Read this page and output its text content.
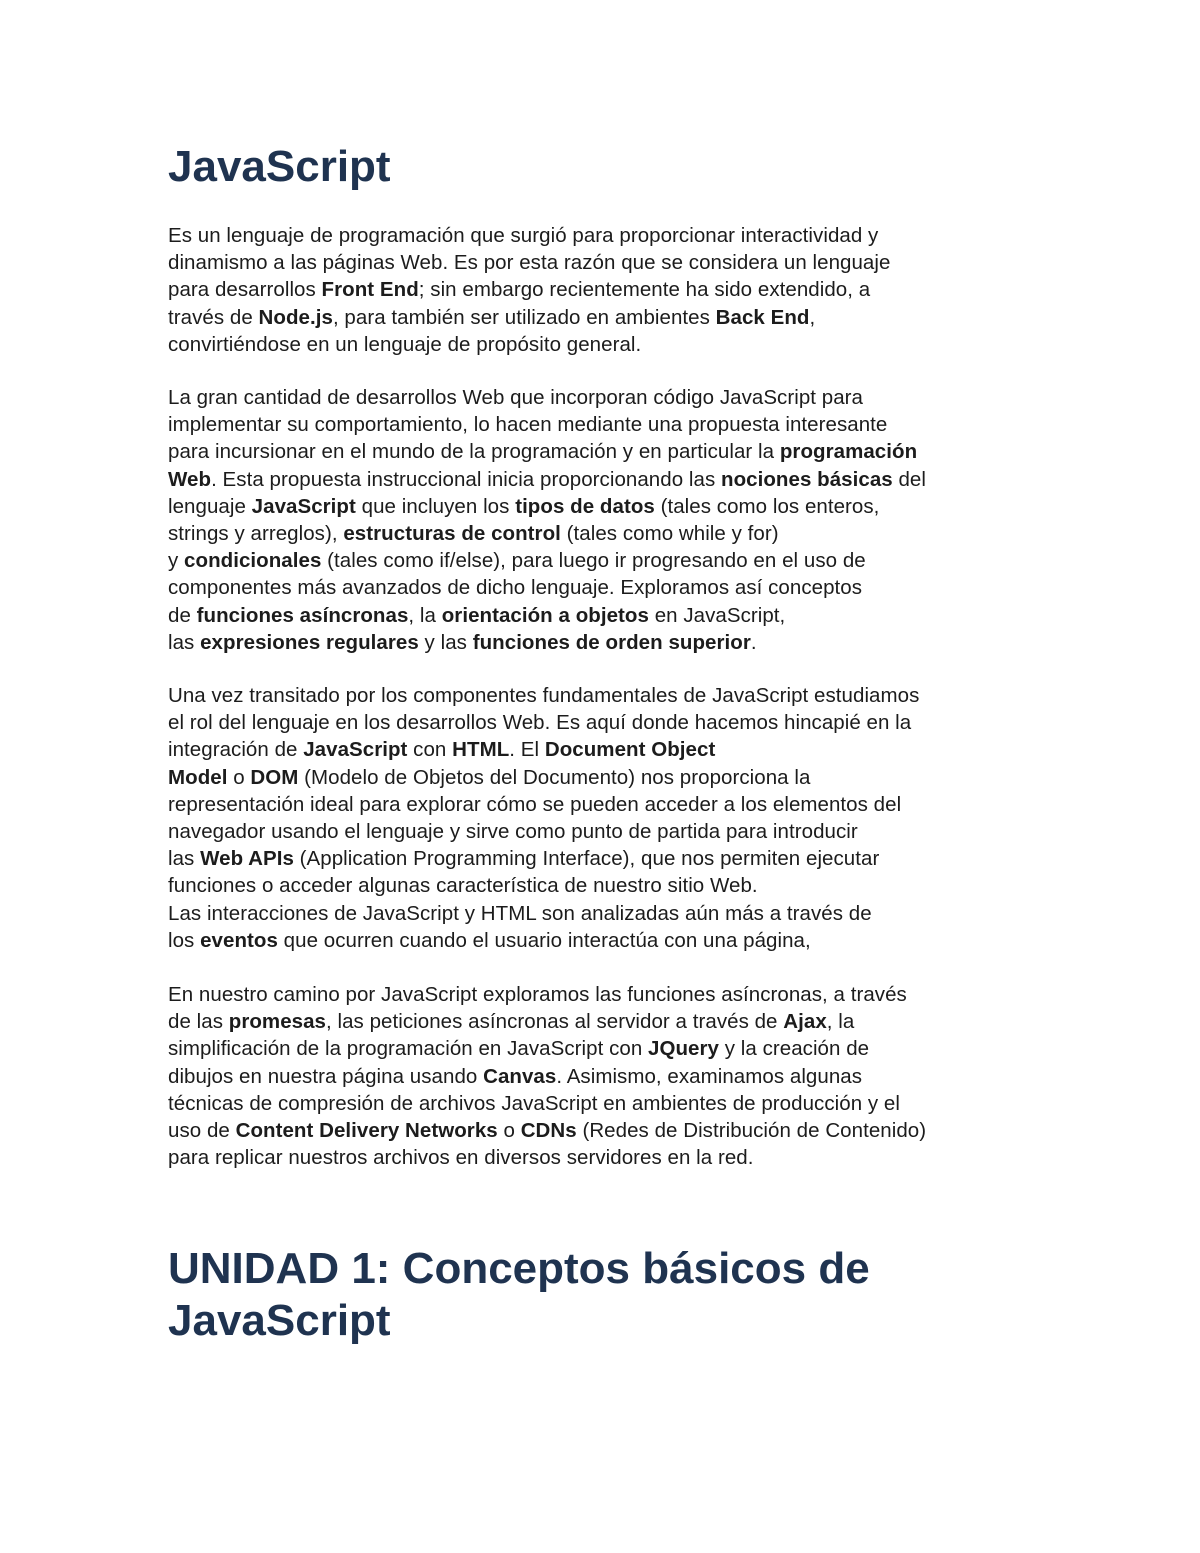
JavaScript
Es un lenguaje de programación que surgió para proporcionar interactividad y
dinamismo a las páginas Web. Es por esta razón que se considera un lenguaje
para desarrollos Front End; sin embargo recientemente ha sido extendido, a
través de Node.js, para también ser utilizado en ambientes Back End,
convirtiéndose en un lenguaje de propósito general.
La gran cantidad de desarrollos Web que incorporan código JavaScript para
implementar su comportamiento, lo hacen mediante una propuesta interesante
para incursionar en el mundo de la programación y en particular la programación
Web. Esta propuesta instruccional inicia proporcionando las nociones básicas del
lenguaje JavaScript que incluyen los tipos de datos (tales como los enteros,
strings y arreglos), estructuras de control (tales como while y for)
y condicionales (tales como if/else), para luego ir progresando en el uso de
componentes más avanzados de dicho lenguaje. Exploramos así conceptos
de funciones asíncronas, la orientación a objetos en JavaScript,
las expresiones regulares y las funciones de orden superior.
Una vez transitado por los componentes fundamentales de JavaScript estudiamos
el rol del lenguaje en los desarrollos Web. Es aquí donde hacemos hincapié en la
integración de JavaScript con HTML. El Document Object
Model o DOM (Modelo de Objetos del Documento) nos proporciona la
representación ideal para explorar cómo se pueden acceder a los elementos del
navegador usando el lenguaje y sirve como punto de partida para introducir
las Web APIs (Application Programming Interface), que nos permiten ejecutar
funciones o acceder algunas característica de nuestro sitio Web.
Las interacciones de JavaScript y HTML son analizadas aún más a través de
los eventos que ocurren cuando el usuario interactúa con una página,
En nuestro camino por JavaScript exploramos las funciones asíncronas, a través
de las promesas, las peticiones asíncronas al servidor a través de Ajax, la
simplificación de la programación en JavaScript con JQuery y la creación de
dibujos en nuestra página usando Canvas. Asimismo, examinamos algunas
técnicas de compresión de archivos JavaScript en ambientes de producción y el
uso de Content Delivery Networks o CDNs (Redes de Distribución de Contenido)
para replicar nuestros archivos en diversos servidores en la red.
UNIDAD 1: Conceptos básicos de
JavaScript
